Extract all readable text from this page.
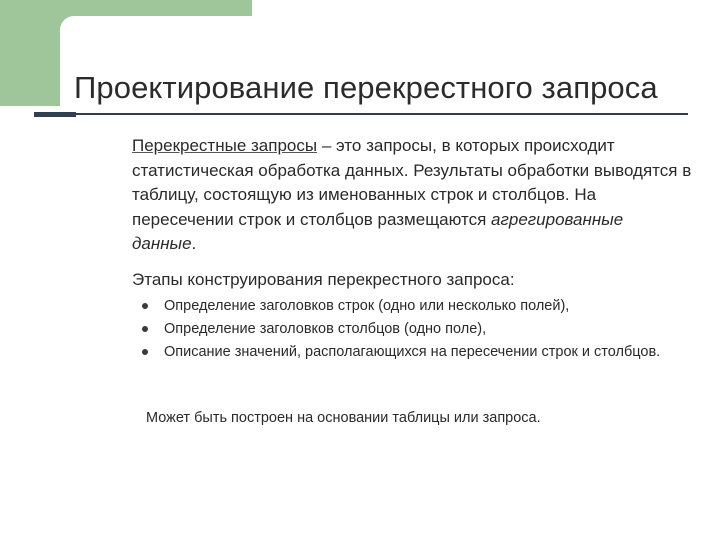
Проектирование перекрестного запроса

Перекрестные запросы – это запросы, в которых происходит статистическая обработка данных. Результаты обработки выводятся в таблицу, состоящую из именованных строк и столбцов. На пересечении строк и столбцов размещаются агрегированные данные.

Этапы конструирования перекрестного запроса:
Определение заголовков строк (одно или несколько полей),
Определение заголовков столбцов (одно поле),
Описание значений, располагающихся на пересечении строк и столбцов.
Может быть построен на основании таблицы или запроса.
